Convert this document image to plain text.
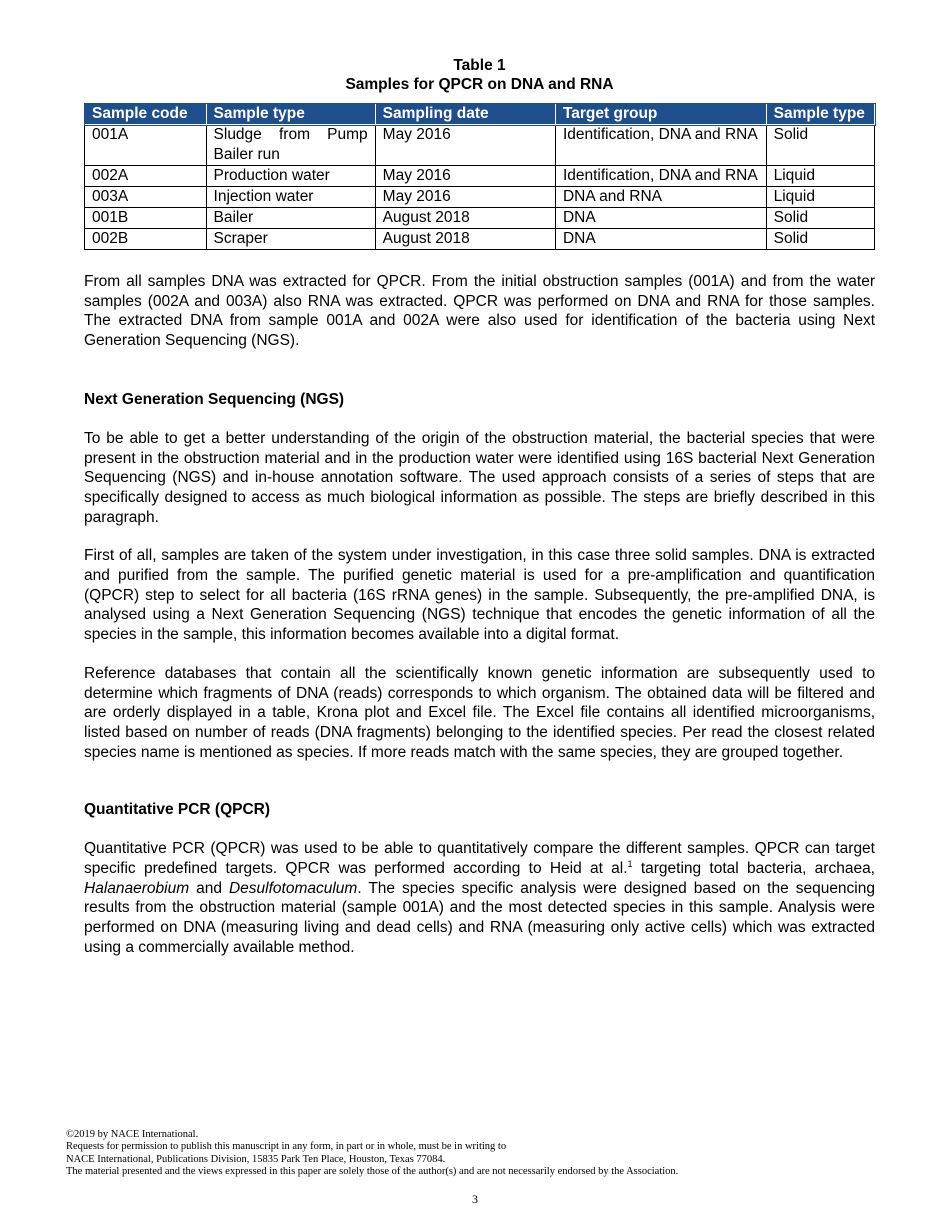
Table 1
Samples for QPCR on DNA and RNA
Sample code	Sample type	Sampling date	Target group	Sample type
001A	Sludge from Pump Bailer run	May 2016	Identification, DNA and RNA	Solid
002A	Production water	May 2016	Identification, DNA and RNA	Liquid
003A	Injection water	May 2016	DNA and RNA	Liquid
001B	Bailer	August 2018	DNA	Solid
002B	Scraper	August 2018	DNA	Solid

From all samples DNA was extracted for QPCR. From the initial obstruction samples (001A) and from the water samples (002A and 003A) also RNA was extracted. QPCR was performed on DNA and RNA for those samples. The extracted DNA from sample 001A and 002A were also used for identification of the bacteria using Next Generation Sequencing (NGS).

Next Generation Sequencing (NGS)

To be able to get a better understanding of the origin of the obstruction material, the bacterial species that were present in the obstruction material and in the production water were identified using 16S bacterial Next Generation Sequencing (NGS) and in-house annotation software. The used approach consists of a series of steps that are specifically designed to access as much biological information as possible. The steps are briefly described in this paragraph.

First of all, samples are taken of the system under investigation, in this case three solid samples. DNA is extracted and purified from the sample. The purified genetic material is used for a pre-amplification and quantification (QPCR) step to select for all bacteria (16S rRNA genes) in the sample. Subsequently, the pre-amplified DNA, is analysed using a Next Generation Sequencing (NGS) technique that encodes the genetic information of all the species in the sample, this information becomes available into a digital format.

Reference databases that contain all the scientifically known genetic information are subsequently used to determine which fragments of DNA (reads) corresponds to which organism. The obtained data will be filtered and are orderly displayed in a table, Krona plot and Excel file. The Excel file contains all identified microorganisms, listed based on number of reads (DNA fragments) belonging to the identified species. Per read the closest related species name is mentioned as species. If more reads match with the same species, they are grouped together.

Quantitative PCR (QPCR)

Quantitative PCR (QPCR) was used to be able to quantitatively compare the different samples. QPCR can target specific predefined targets. QPCR was performed according to Heid at al.$^1$ targeting total bacteria, archaea, Halanaerobium and Desulfotomaculum. The species specific analysis were designed based on the sequencing results from the obstruction material (sample 001A) and the most detected species in this sample. Analysis were performed on DNA (measuring living and dead cells) and RNA (measuring only active cells) which was extracted using a commercially available method.

©2019 by NACE International.
Requests for permission to publish this manuscript in any form, in part or in whole, must be in writing to
NACE International, Publications Division, 15835 Park Ten Place, Houston, Texas 77084.
The material presented and the views expressed in this paper are solely those of the author(s) and are not necessarily endorsed by the Association.
3
